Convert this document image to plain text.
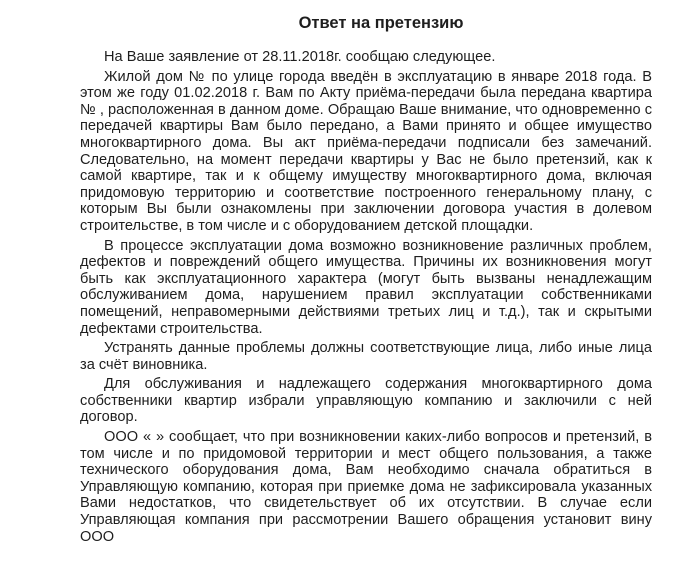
Ответ на претензию

На Ваше заявление от 28.11.2018г. сообщаю следующее.

Жилой дом № по улице города введён в эксплуатацию в январе 2018 года. В этом же году 01.02.2018 г. Вам по Акту приёма-передачи была передана квартира № , расположенная в данном доме. Обращаю Ваше внимание, что одновременно с передачей квартиры Вам было передано, а Вами принято и общее имущество многоквартирного дома. Вы акт приёма-передачи подписали без замечаний. Следовательно, на момент передачи квартиры у Вас не было претензий, как к самой квартире, так и к общему имуществу многоквартирного дома, включая придомовую территорию и соответствие построенного генеральному плану, с которым Вы были ознакомлены при заключении договора участия в долевом строительстве, в том числе и с оборудованием детской площадки.

В процессе эксплуатации дома возможно возникновение различных проблем, дефектов и повреждений общего имущества. Причины их возникновения могут быть как эксплуатационного характера (могут быть вызваны ненадлежащим обслуживанием дома, нарушением правил эксплуатации собственниками помещений, неправомерными действиями третьих лиц и т.д.), так и скрытыми дефектами строительства.

Устранять данные проблемы должны соответствующие лица, либо иные лица за счёт виновника.

Для обслуживания и надлежащего содержания многоквартирного дома собственники квартир избрали управляющую компанию и заключили с ней договор.

ООО « » сообщает, что при возникновении каких-либо вопросов и претензий, в том числе и по придомовой территории и мест общего пользования, а также технического оборудования дома, Вам необходимо сначала обратиться в Управляющую компанию, которая при приемке дома не зафиксировала указанных Вами недостатков, что свидетельствует об их отсутствии. В случае если Управляющая компания при рассмотрении Вашего обращения установит вину ООО
